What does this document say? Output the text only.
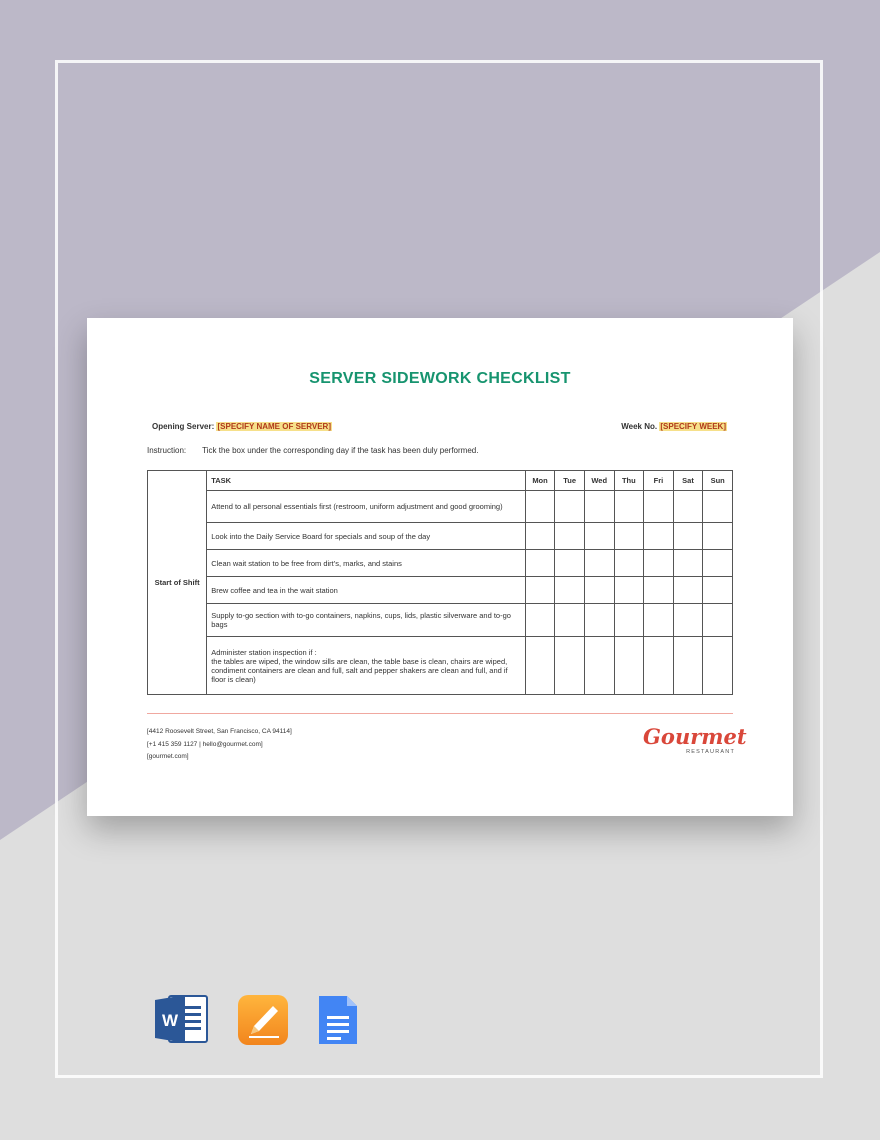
SERVER SIDEWORK CHECKLIST
Opening Server: [SPECIFY NAME OF SERVER]	Week No. [SPECIFY WEEK]
Instruction: Tick the box under the corresponding day if the task has been duly performed.
Start of Shift	TASK	Mon	Tue	Wed	Thu	Fri	Sat	Sun
	Attend to all personal essentials first (restroom, uniform adjustment and good grooming)							
	Look into the Daily Service Board for specials and soup of the day							
	Clean wait station to be free from dirt's, marks, and stains							
	Brew coffee and tea in the wait station							
	Supply to-go section with to-go containers, napkins, cups, lids, plastic silverware and to-go bags							
	Administer station inspection if :
the tables are wiped, the window sills are clean, the table base is clean, chairs are wiped, condiment containers are clean and full, salt and pepper shakers are clean and full, and if floor is clean)							
[4412 Roosevelt Street, San Francisco, CA 94114]
[+1 415 359 1127 | hello@gourmet.com]
[gourmet.com]
Gourmet
RESTAURANT
W
